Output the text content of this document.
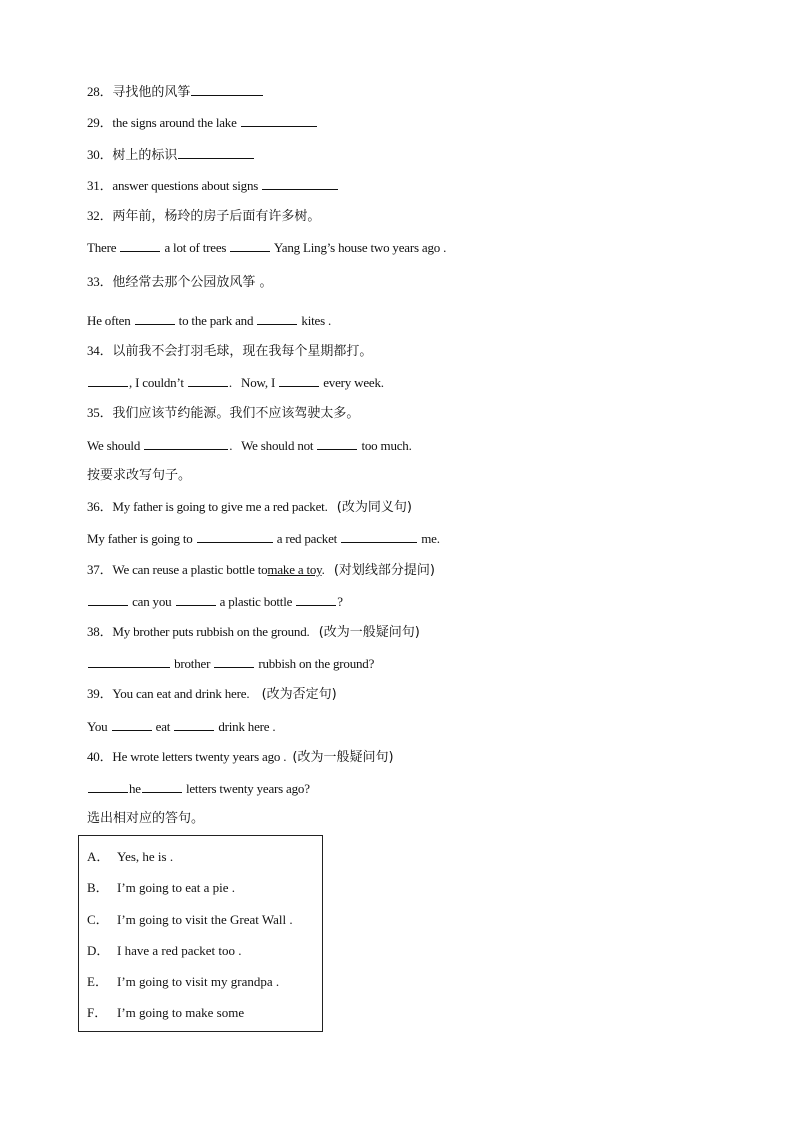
28．寻找他的风筝
29．the signs around the lake
30．树上的标识
31．answer questions about signs
32．两年前，杨玲的房子后面有许多树。
There	a lot of trees	Yang Ling’s house two years ago .
33．他经常去那个公园放风筝 。
He often	to the park and	kites .
34．以前我不会打羽毛球，现在我每个星期都打。
, I couldn’t	.   Now, I	every week.
35．我们应该节约能源。我们不应该驾驶太多。
We should	.   We should not	too much.
按要求改写句子。
36．My father is going to give me a red packet. (改为同义句)
My father is going to	a red packet	me.
37．We can reuse a plastic bottle tomake a toy. (对划线部分提问)
can you	a plastic bottle	?
38．My brother puts rubbish on the ground. (改为一般疑问句)
brother	rubbish on the ground?
39．You can eat and drink here. (改为否定句)
You	eat	drink here .
40．He wrote letters twenty years ago . (改为一般疑问句)
he	letters twenty years ago?
选出相对应的答句。
A． Yes, he is .
B． I’m going to eat a pie .
C． I’m going to visit the Great Wall .
D． I have a red packet too .
E． I’m going to visit my grandpa .
F． I’m going to make some
